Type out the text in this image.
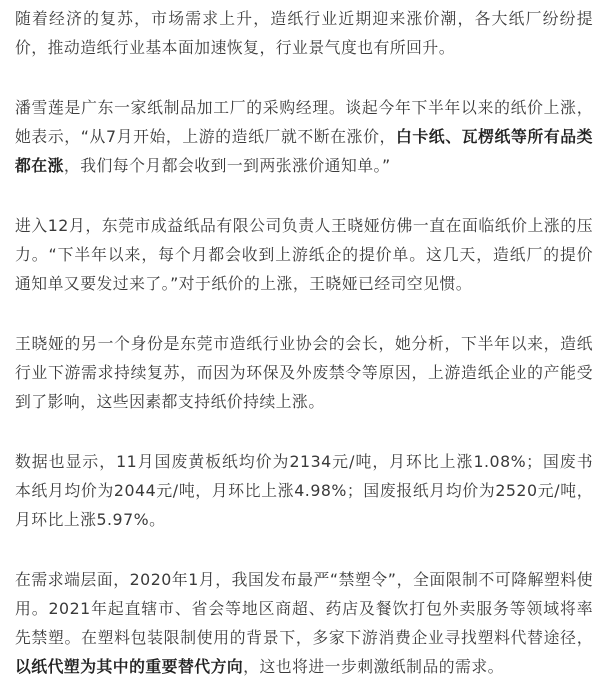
随着经济的复苏，市场需求上升，造纸行业近期迎来涨价潮，各大纸厂纷纷提价，推动造纸行业基本面加速恢复，行业景气度也有所回升。

潘雪莲是广东一家纸制品加工厂的采购经理。谈起今年下半年以来的纸价上涨，她表示，“从7月开始，上游的造纸厂就不断在涨价，白卡纸、瓦楞纸等所有品类都在涨，我们每个月都会收到一到两张涨价通知单。”

进入12月，东莞市成益纸品有限公司负责人王晓娅仿佛一直在面临纸价上涨的压力。“下半年以来，每个月都会收到上游纸企的提价单。这几天，造纸厂的提价通知单又要发过来了。”对于纸价的上涨，王晓娅已经司空见惯。

王晓娅的另一个身份是东莞市造纸行业协会的会长，她分析，下半年以来，造纸行业下游需求持续复苏，而因为环保及外废禁令等原因，上游造纸企业的产能受到了影响，这些因素都支持纸价持续上涨。

数据也显示，11月国废黄板纸均价为2134元/吨，月环比上涨1.08%；国废书本纸月均价为2044元/吨，月环比上涨4.98%；国废报纸月均价为2520元/吨，月环比上涨5.97%。

在需求端层面，2020年1月，我国发布最严“禁塑令”，全面限制不可降解塑料使用。2021年起直辖市、省会等地区商超、药店及餐饮打包外卖服务等领域将率先禁塑。在塑料包装限制使用的背景下，多家下游消费企业寻找塑料代替途径，以纸代塑为其中的重要替代方向，这也将进一步刺激纸制品的需求。
